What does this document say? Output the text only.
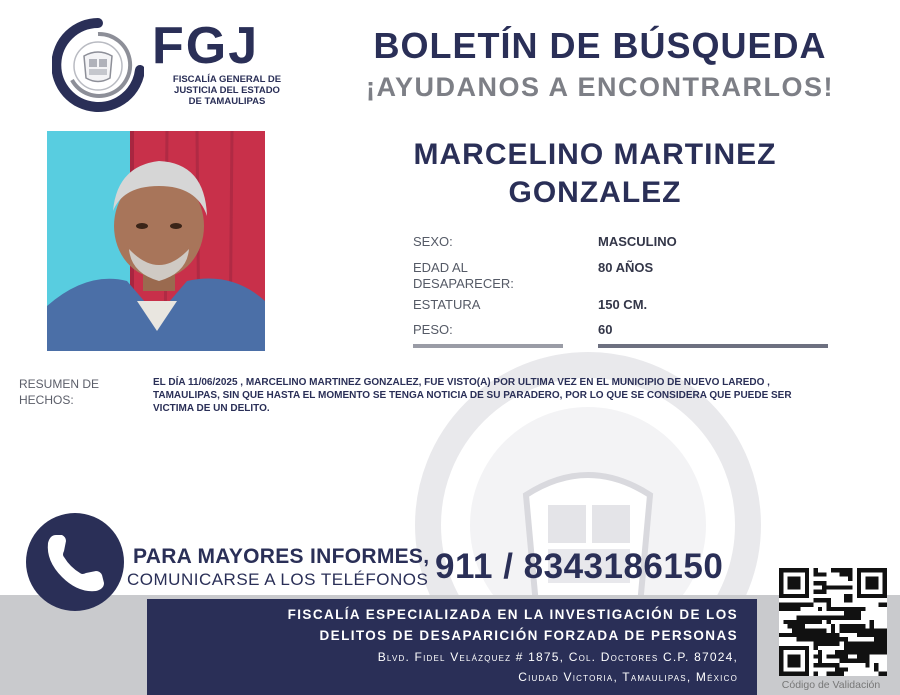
FGJ
FISCALÍA GENERAL DE
JUSTICIA DEL ESTADO
DE TAMAULIPAS
BOLETÍN DE BÚSQUEDA
¡AYUDANOS A ENCONTRARLOS!
MARCELINO MARTINEZ
GONZALEZ
SEXO:	MASCULINO
EDAD AL DESAPARECER:
80 AÑOS
ESTATURA	150 CM.
PESO:	60
RESUMEN DE HECHOS:
EL DÍA 11/06/2025 , MARCELINO MARTINEZ GONZALEZ, FUE VISTO(A) POR ULTIMA VEZ EN EL MUNICIPIO DE NUEVO LAREDO , TAMAULIPAS, SIN QUE HASTA EL MOMENTO SE TENGA NOTICIA DE SU PARADERO, POR LO QUE SE CONSIDERA QUE PUEDE SER VICTIMA DE UN DELITO.
PARA MAYORES INFORMES,
COMUNICARSE A LOS TELÉFONOS 911 / 8343186150
FISCALÍA ESPECIALIZADA EN LA INVESTIGACIÓN DE LOS
DELITOS DE DESAPARICIÓN FORZADA DE PERSONAS
Blvd. Fidel Velázquez # 1875, Col. Doctores C.P. 87024,
Ciudad Victoria, Tamaulipas, México
Código de Validación
